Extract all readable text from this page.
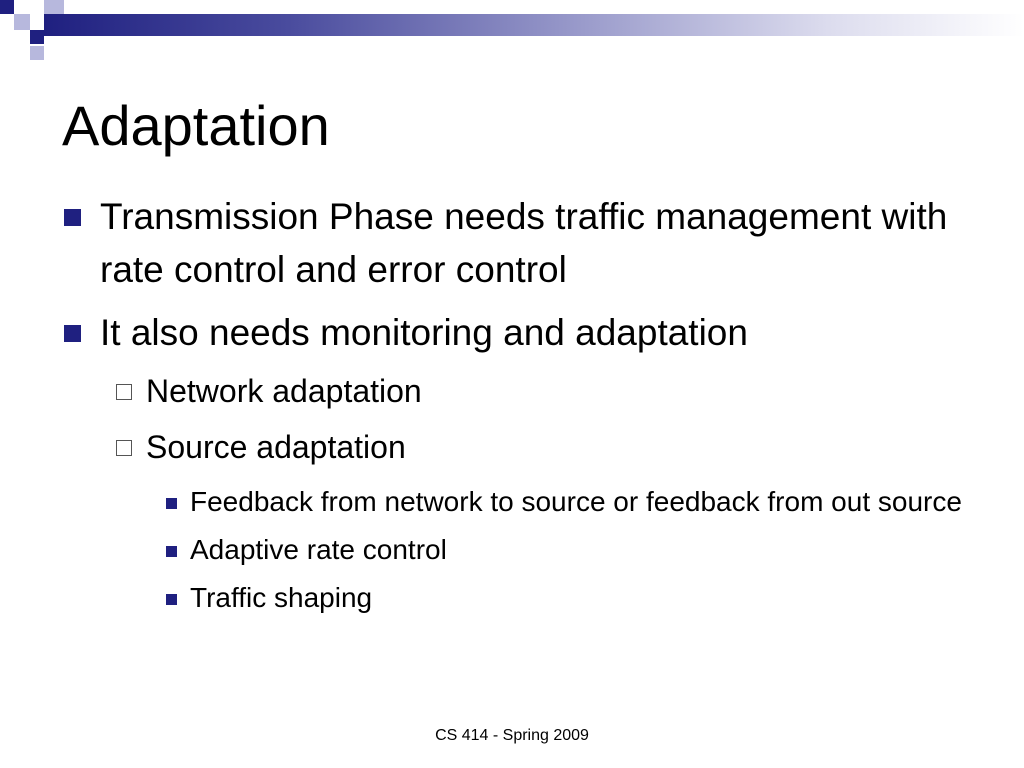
Adaptation
Transmission Phase needs traffic management with rate control and error control
It also needs monitoring and adaptation
Network adaptation
Source adaptation
Feedback from network to source or feedback from out source
Adaptive rate control
Traffic shaping
CS 414 - Spring 2009
